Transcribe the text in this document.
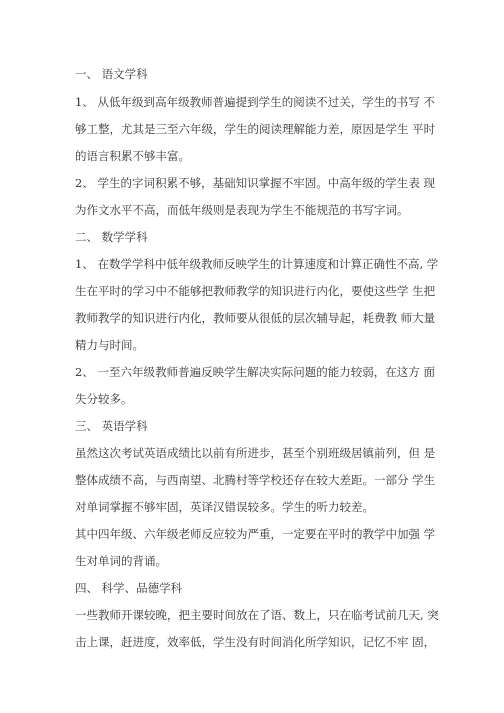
一、 语文学科
1、 从低年级到高年级教师普遍提到学生的阅读不过关，学生的书写 不
够工整，尤其是三至六年级，学生的阅读理解能力差，原因是学生 平时
的语言积累不够丰富。
2、 学生的字词积累不够，基础知识掌握不牢固。中高年级的学生表 现
为作文水平不高，而低年级则是表现为学生不能规范的书写字词。
二、 数学学科
1、 在数学学科中低年级教师反映学生的计算速度和计算正确性不高, 学
生在平时的学习中不能够把教师教学的知识进行内化，要使这些学 生把
教师教学的知识进行内化，教师要从很低的层次辅导起，耗费教 师大量
精力与时间。
2、 一至六年级教师普遍反映学生解决实际问题的能力较弱，在这方 面
失分较多。
三、 英语学科
虽然这次考试英语成绩比以前有所进步，甚至个别班级居镇前列，但 是
整体成绩不高，与西南望、北腾村等学校还存在较大差距。一部分 学生
对单词掌握不够牢固，英译汉错误较多。学生的听力较差。
其中四年级、六年级老师反应较为严重，一定要在平时的教学中加强 学
生对单词的背诵。
四、 科学、品德学科
一些教师开课较晚，把主要时间放在了语、数上，只在临考试前几天, 突
击上课，赶进度，效率低，学生没有时间消化所学知识，记忆不牢 固，
